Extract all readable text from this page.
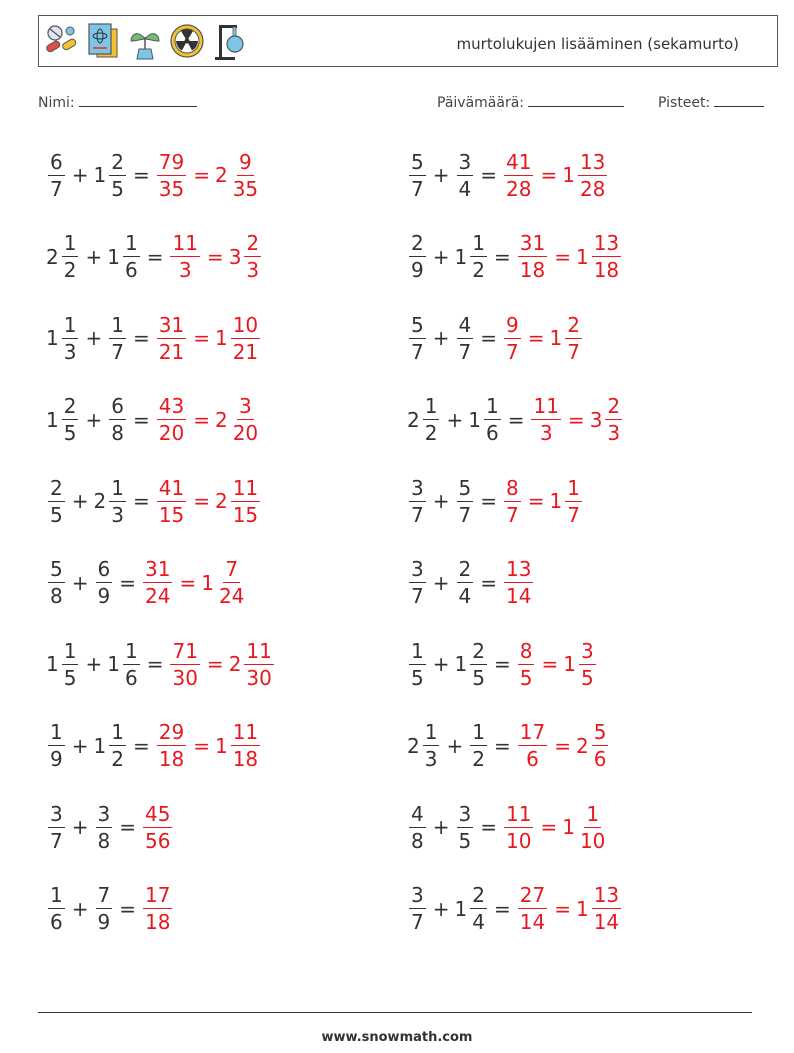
murtolukujen lisääminen (sekamurto)
Nimi:	Päivämäärä:	Pisteet:
$\frac{6}{7} + 1 \frac{2}{5} = \frac{79}{35} = 2 \frac{9}{35}$
$2 \frac{1}{2} + 1 \frac{1}{6} = \frac{11}{3} = 3 \frac{2}{3}$
$1 \frac{1}{3} + \frac{1}{7} = \frac{31}{21} = 1 \frac{10}{21}$
$1 \frac{2}{5} + \frac{6}{8} = \frac{43}{20} = 2 \frac{3}{20}$
$\frac{2}{5} + 2 \frac{1}{3} = \frac{41}{15} = 2 \frac{11}{15}$
$\frac{5}{8} + \frac{6}{9} = \frac{31}{24} = 1 \frac{7}{24}$
$1 \frac{1}{5} + 1 \frac{1}{6} = \frac{71}{30} = 2 \frac{11}{30}$
$\frac{1}{9} + 1 \frac{1}{2} = \frac{29}{18} = 1 \frac{11}{18}$
$\frac{3}{7} + \frac{3}{8} = \frac{45}{56}$
$\frac{1}{6} + \frac{7}{9} = \frac{17}{18}$
$\frac{5}{7} + \frac{3}{4} = \frac{41}{28} = 1 \frac{13}{28}$
$\frac{2}{9} + 1 \frac{1}{2} = \frac{31}{18} = 1 \frac{13}{18}$
$\frac{5}{7} + \frac{4}{7} = \frac{9}{7} = 1 \frac{2}{7}$
$2 \frac{1}{2} + 1 \frac{1}{6} = \frac{11}{3} = 3 \frac{2}{3}$
$\frac{3}{7} + \frac{5}{7} = \frac{8}{7} = 1 \frac{1}{7}$
$\frac{3}{7} + \frac{2}{4} = \frac{13}{14}$
$\frac{1}{5} + 1 \frac{2}{5} = \frac{8}{5} = 1 \frac{3}{5}$
$2 \frac{1}{3} + \frac{1}{2} = \frac{17}{6} = 2 \frac{5}{6}$
$\frac{4}{8} + \frac{3}{5} = \frac{11}{10} = 1 \frac{1}{10}$
$\frac{3}{7} + 1 \frac{2}{4} = \frac{27}{14} = 1 \frac{13}{14}$
www.snowmath.com
